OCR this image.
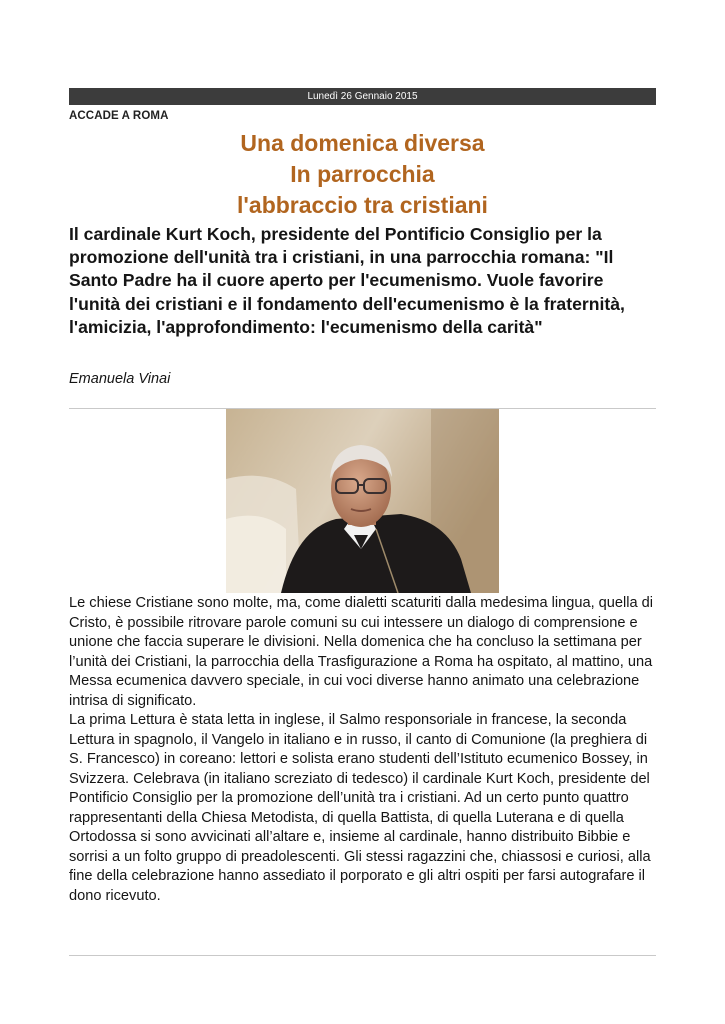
Lunedì 26 Gennaio 2015
ACCADE A ROMA
Una domenica diversa
In parrocchia
l'abbraccio tra cristiani
Il cardinale Kurt Koch, presidente del Pontificio Consiglio per la promozione dell'unità tra i cristiani, in una parrocchia romana: "Il Santo Padre ha il cuore aperto per l'ecumenismo. Vuole favorire l'unità dei cristiani e il fondamento dell'ecumenismo è la fraternità, l'amicizia, l'approfondimento: l'ecumenismo della carità"
Emanuela Vinai

Le chiese Cristiane sono molte, ma, come dialetti scaturiti dalla medesima lingua, quella di Cristo, è possibile ritrovare parole comuni su cui intessere un dialogo di comprensione e unione che faccia superare le divisioni. Nella domenica che ha concluso la settimana per l’unità dei Cristiani, la parrocchia della Trasfigurazione a Roma ha ospitato, al mattino, una Messa ecumenica davvero speciale, in cui voci diverse hanno animato una celebrazione intrisa di significato.

La prima Lettura è stata letta in inglese, il Salmo responsoriale in francese, la seconda Lettura in spagnolo, il Vangelo in italiano e in russo, il canto di Comunione (la preghiera di S. Francesco) in coreano: lettori e solista erano studenti dell’Istituto ecumenico Bossey, in Svizzera. Celebrava (in italiano screziato di tedesco) il cardinale Kurt Koch, presidente del Pontificio Consiglio per la promozione dell’unità tra i cristiani. Ad un certo punto quattro rappresentanti della Chiesa Metodista, di quella Battista, di quella Luterana e di quella Ortodossa si sono avvicinati all’altare e, insieme al cardinale, hanno distribuito Bibbie e sorrisi a un folto gruppo di preadolescenti. Gli stessi ragazzini che, chiassosi e curiosi, alla fine della celebrazione hanno assediato il porporato e gli altri ospiti per farsi autografare il dono ricevuto.
